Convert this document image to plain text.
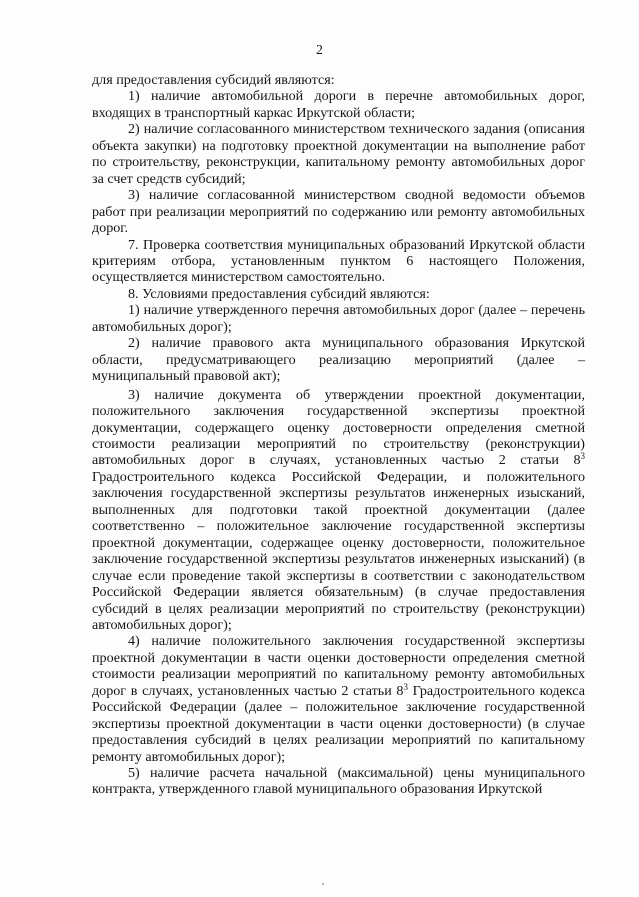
2

для предоставления субсидий являются:

1) наличие автомобильной дороги в перечне автомобильных дорог, входящих в транспортный каркас Иркутской области;

2) наличие согласованного министерством технического задания (описания объекта закупки) на подготовку проектной документации на выполнение работ по строительству, реконструкции, капитальному ремонту автомобильных дорог за счет средств субсидий;

3) наличие согласованной министерством сводной ведомости объемов работ при реализации мероприятий по содержанию или ремонту автомобильных дорог.

7. Проверка соответствия муниципальных образований Иркутской области критериям отбора, установленным пунктом 6 настоящего Положения, осуществляется министерством самостоятельно.

8. Условиями предоставления субсидий являются:

1) наличие утвержденного перечня автомобильных дорог (далее – перечень автомобильных дорог);

2) наличие правового акта муниципального образования Иркутской области, предусматривающего реализацию мероприятий (далее – муниципальный правовой акт);

3) наличие документа об утверждении проектной документации, положительного заключения государственной экспертизы проектной документации, содержащего оценку достоверности определения сметной стоимости реализации мероприятий по строительству (реконструкции) автомобильных дорог в случаях, установленных частью 2 статьи $8^3$ Градостроительного кодекса Российской Федерации, и положительного заключения государственной экспертизы результатов инженерных изысканий, выполненных для подготовки такой проектной документации (далее соответственно – положительное заключение государственной экспертизы проектной документации, содержащее оценку достоверности, положительное заключение государственной экспертизы результатов инженерных изысканий) (в случае если проведение такой экспертизы в соответствии с законодательством Российской Федерации является обязательным) (в случае предоставления субсидий в целях реализации мероприятий по строительству (реконструкции) автомобильных дорог);

4) наличие положительного заключения государственной экспертизы проектной документации в части оценки достоверности определения сметной стоимости реализации мероприятий по капитальному ремонту автомобильных дорог в случаях, установленных частью 2 статьи $8^3$ Градостроительного кодекса Российской Федерации (далее – положительное заключение государственной экспертизы проектной документации в части оценки достоверности) (в случае предоставления субсидий в целях реализации мероприятий по капитальному ремонту автомобильных дорог);

5) наличие расчета начальной (максимальной) цены муниципального контракта, утвержденного главой муниципального образования Иркутской
